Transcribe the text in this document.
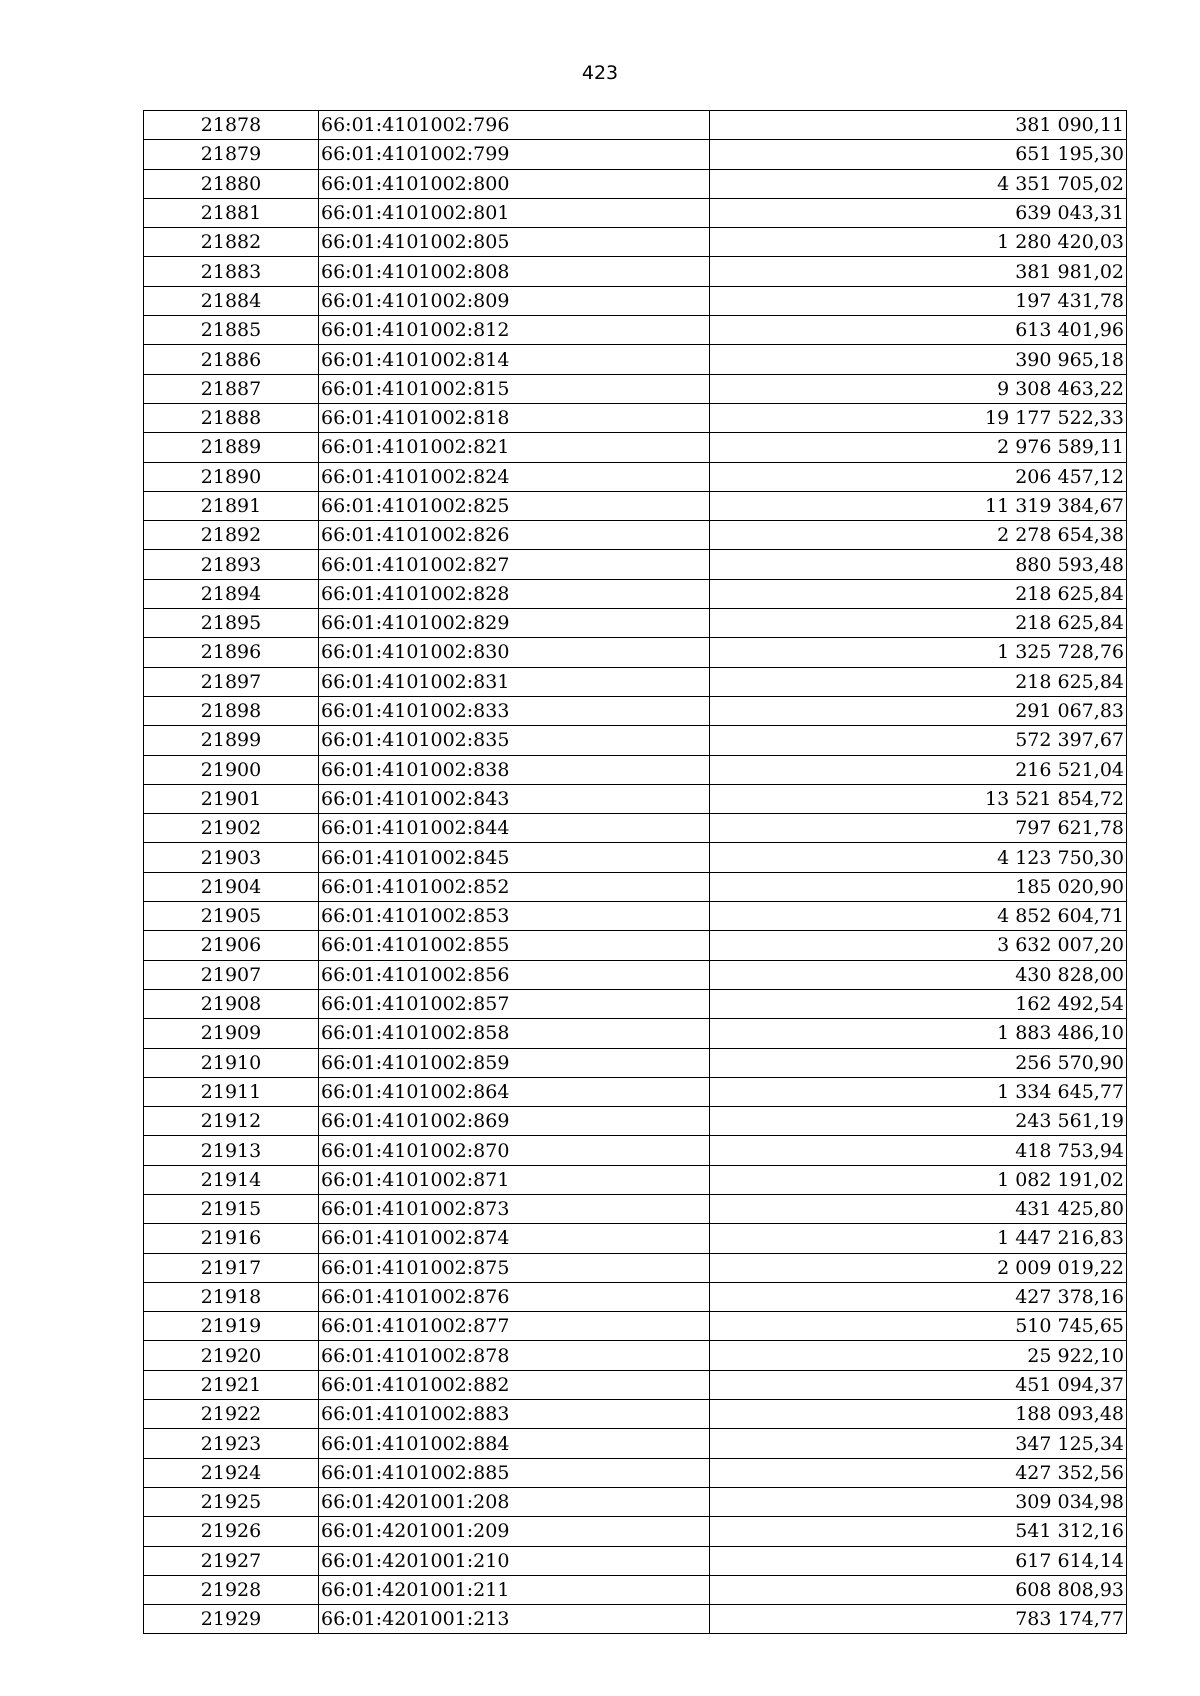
423
21878	66:01:4101002:796	381 090,11
21879	66:01:4101002:799	651 195,30
21880	66:01:4101002:800	4 351 705,02
21881	66:01:4101002:801	639 043,31
21882	66:01:4101002:805	1 280 420,03
21883	66:01:4101002:808	381 981,02
21884	66:01:4101002:809	197 431,78
21885	66:01:4101002:812	613 401,96
21886	66:01:4101002:814	390 965,18
21887	66:01:4101002:815	9 308 463,22
21888	66:01:4101002:818	19 177 522,33
21889	66:01:4101002:821	2 976 589,11
21890	66:01:4101002:824	206 457,12
21891	66:01:4101002:825	11 319 384,67
21892	66:01:4101002:826	2 278 654,38
21893	66:01:4101002:827	880 593,48
21894	66:01:4101002:828	218 625,84
21895	66:01:4101002:829	218 625,84
21896	66:01:4101002:830	1 325 728,76
21897	66:01:4101002:831	218 625,84
21898	66:01:4101002:833	291 067,83
21899	66:01:4101002:835	572 397,67
21900	66:01:4101002:838	216 521,04
21901	66:01:4101002:843	13 521 854,72
21902	66:01:4101002:844	797 621,78
21903	66:01:4101002:845	4 123 750,30
21904	66:01:4101002:852	185 020,90
21905	66:01:4101002:853	4 852 604,71
21906	66:01:4101002:855	3 632 007,20
21907	66:01:4101002:856	430 828,00
21908	66:01:4101002:857	162 492,54
21909	66:01:4101002:858	1 883 486,10
21910	66:01:4101002:859	256 570,90
21911	66:01:4101002:864	1 334 645,77
21912	66:01:4101002:869	243 561,19
21913	66:01:4101002:870	418 753,94
21914	66:01:4101002:871	1 082 191,02
21915	66:01:4101002:873	431 425,80
21916	66:01:4101002:874	1 447 216,83
21917	66:01:4101002:875	2 009 019,22
21918	66:01:4101002:876	427 378,16
21919	66:01:4101002:877	510 745,65
21920	66:01:4101002:878	25 922,10
21921	66:01:4101002:882	451 094,37
21922	66:01:4101002:883	188 093,48
21923	66:01:4101002:884	347 125,34
21924	66:01:4101002:885	427 352,56
21925	66:01:4201001:208	309 034,98
21926	66:01:4201001:209	541 312,16
21927	66:01:4201001:210	617 614,14
21928	66:01:4201001:211	608 808,93
21929	66:01:4201001:213	783 174,77
